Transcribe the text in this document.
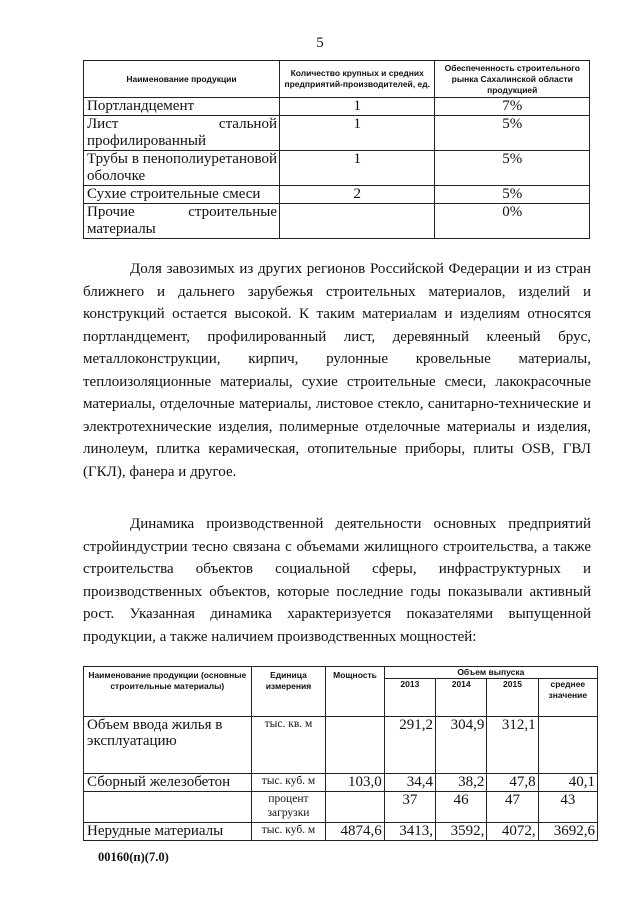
5
Наименование продукции	Количество крупных и средних предприятий-производителей, ед.	Обеспеченность строительного рынка Сахалинской области продукцией
Портландцемент	1	7%
Лист стальной профилированный	1	5%
Трубы в пенополиуретановой оболочке	1	5%
Сухие строительные смеси	2	5%
Прочие строительные материалы		0%

Доля завозимых из других регионов Российской Федерации и из стран ближнего и дальнего зарубежья строительных материалов, изделий и конструкций остается высокой. К таким материалам и изделиям относятся портландцемент, профилированный лист, деревянный клееный брус, металлоконструкции, кирпич, рулонные кровельные материалы, теплоизоляционные материалы, сухие строительные смеси, лакокрасочные материалы, отделочные материалы, листовое стекло, санитарно-технические и электротехнические изделия, полимерные отделочные материалы и изделия, линолеум, плитка керамическая, отопительные приборы, плиты OSB, ГВЛ (ГКЛ), фанера и другое.

Динамика производственной деятельности основных предприятий стройиндустрии тесно связана с объемами жилищного строительства, а также строительства объектов социальной сферы, инфраструктурных и производственных объектов, которые последние годы показывали активный рост. Указанная динамика характеризуется показателями выпущенной продукции, а также наличием производственных мощностей:

Наименование продукции (основные строительные материалы)	Единица измерения	Мощность	Объем выпуска			
			2013	2014	2015	среднее значение
Объем ввода жилья в эксплуатацию	тыс. кв. м		291,2	304,9	312,1	
Сборный железобетон	тыс. куб. м	103,0	34,4	38,2	47,8	40,1
	процент загрузки		37	46	47	43
Нерудные материалы	тыс. куб. м	4874,6	3413,	3592,	4072,	3692,6
00160(п)(7.0)
